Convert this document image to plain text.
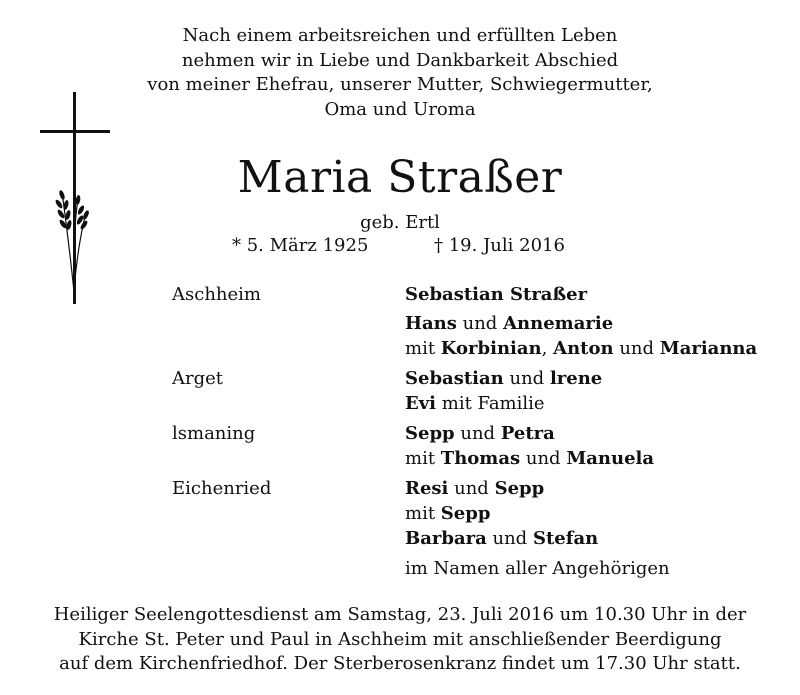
Nach einem arbeitsreichen und erfüllten Leben
nehmen wir in Liebe und Dankbarkeit Abschied
von meiner Ehefrau, unserer Mutter, Schwiegermutter,
Oma und Uroma
Maria Straßer
geb. Ertl
* 5. März 1925	† 19. Juli 2016
Aschheim	Sebastian Straßer
Hans und Annemarie
mit Korbinian, Anton und Marianna
Arget	Sebastian und lrene
Evi mit Familie
lsmaning	Sepp und Petra
mit Thomas und Manuela
Eichenried	Resi und Sepp
mit Sepp
Barbara und Stefan
im Namen aller Angehörigen
Heiliger Seelengottesdienst am Samstag, 23. Juli 2016 um 10.30 Uhr in der
Kirche St. Peter und Paul in Aschheim mit anschließender Beerdigung
auf dem Kirchenfriedhof. Der Sterberosenkranz findet um 17.30 Uhr statt.
